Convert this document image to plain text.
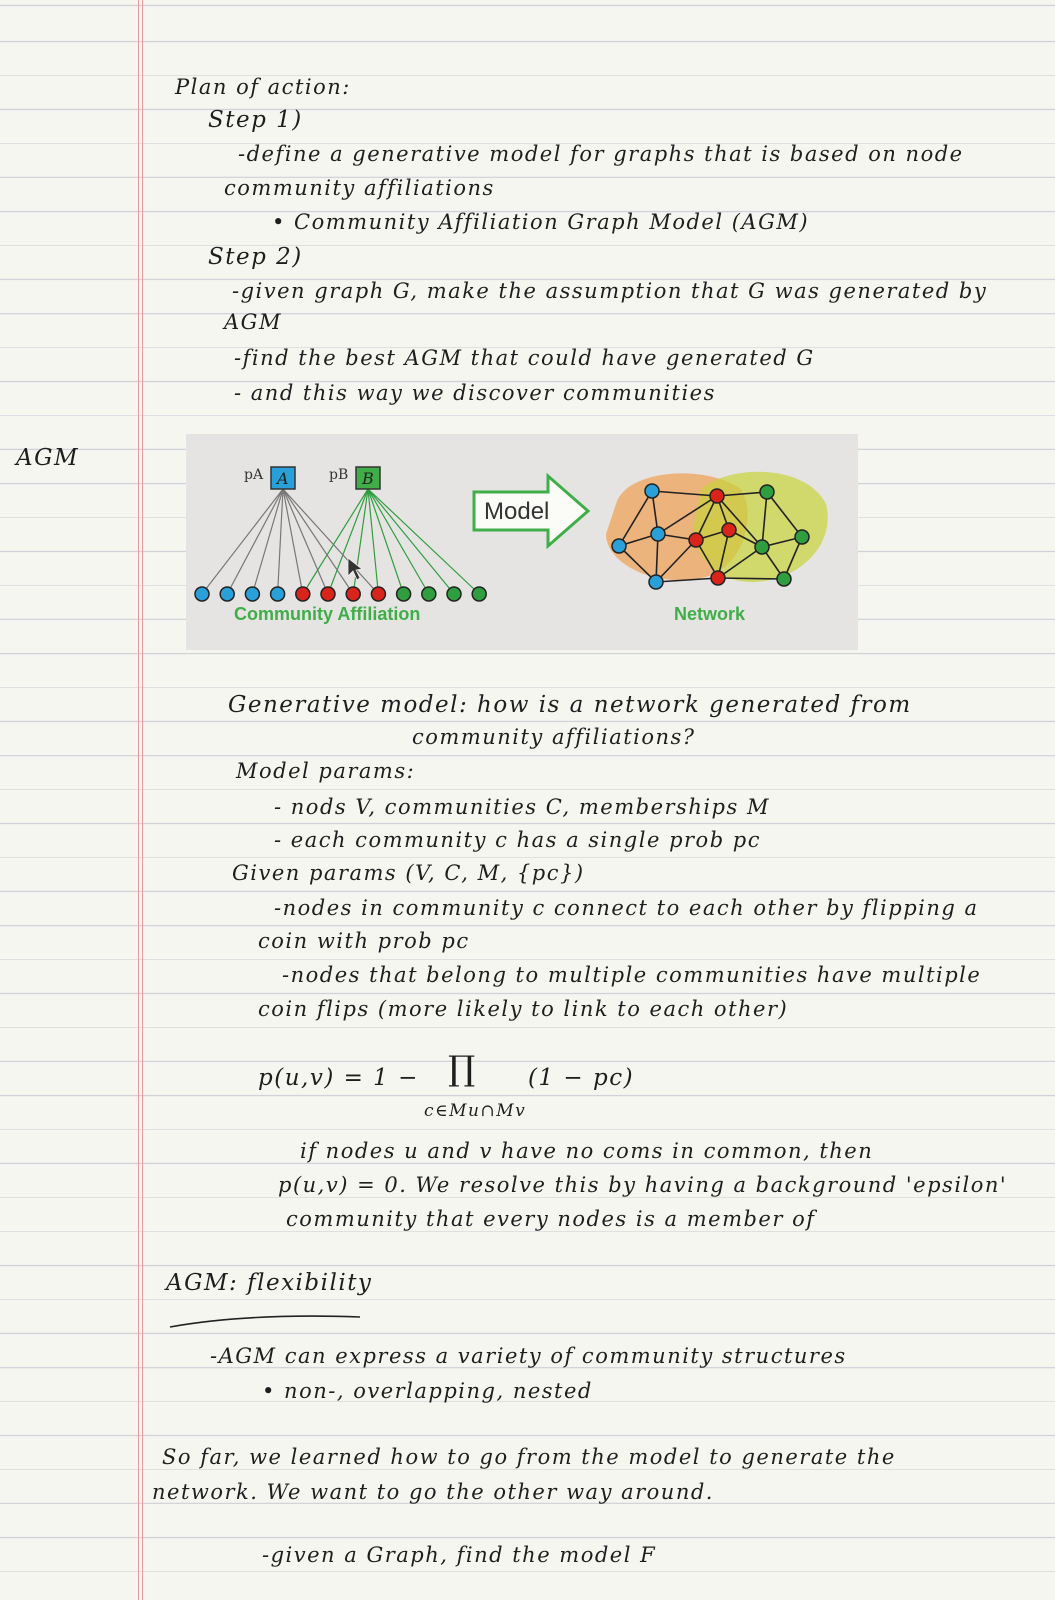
AGM
Plan of action:
Step 1)
-define a generative model for graphs that is based on node
community affiliations
• Community Affiliation Graph Model (AGM)
Step 2)
-given graph G, make the assumption that G was generated by
AGM
-find the best AGM that could have generated G
- and this way we discover communities
A	B
pA	pB
Community Affiliation
Model
Network
Generative model: how is a network generated from
community affiliations?
Model params:
- nods V, communities C, memberships M
- each community c has a single prob pc
Given params (V, C, M, {pc})
-nodes in community c connect to each other by flipping a
coin with prob pc
-nodes that belong to multiple communities have multiple
coin flips (more likely to link to each other)
p(u,v) = 1 − ∏ (1 − pc)
c∈Mu∩Mv
if nodes u and v have no coms in common, then
p(u,v) = 0. We resolve this by having a background 'epsilon'
community that every nodes is a member of
AGM: flexibility
-AGM can express a variety of community structures
• non-, overlapping, nested
So far, we learned how to go from the model to generate the
network. We want to go the other way around.
-given a Graph, find the model F
